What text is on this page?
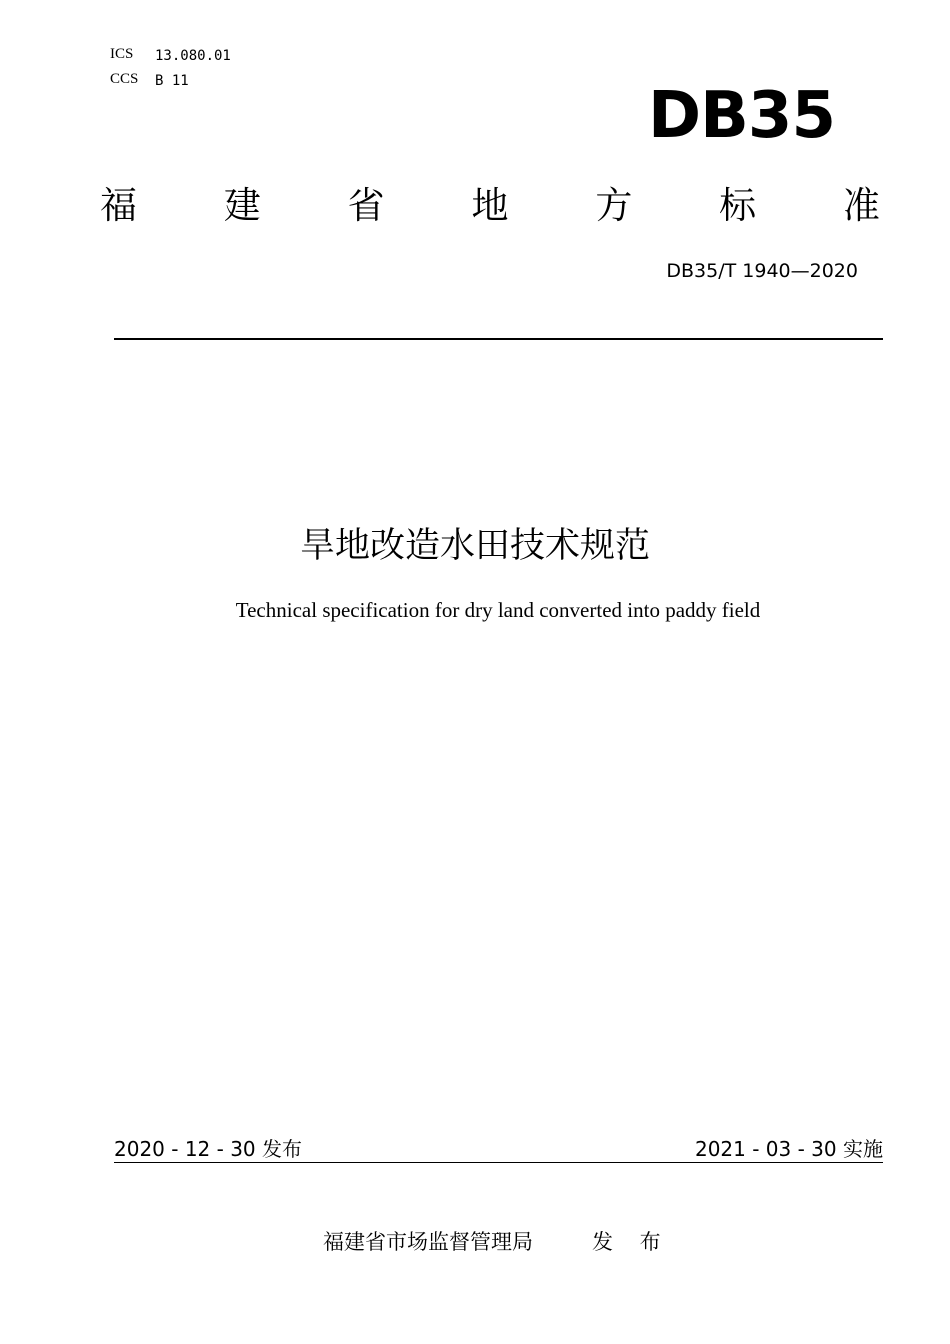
ICS 13.080.01
CCS B 11	DB35
福 建 省 地 方 标 准
DB35/T 1940—2020
旱地改造水田技术规范
Technical specification for dry land converted into paddy field
2020 - 12 - 30 发布	2021 - 03 - 30 实施
福建省市场监督管理局	发 布
